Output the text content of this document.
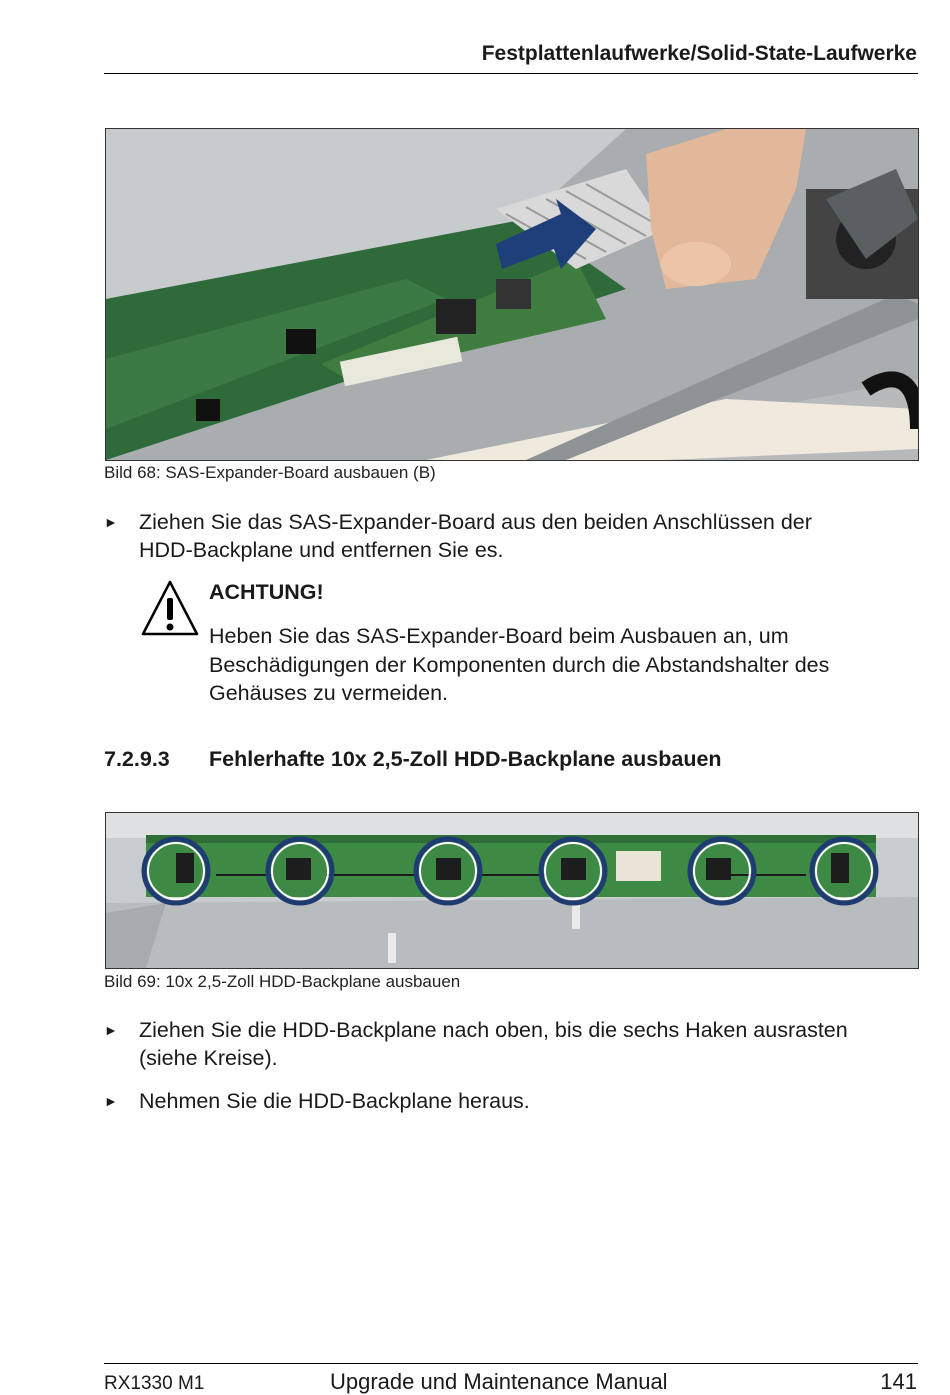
Festplattenlaufwerke/Solid-State-Laufwerke
Bild 68: SAS-Expander-Board ausbauen (B)
► Ziehen Sie das SAS-Expander-Board aus den beiden Anschlüssen der
HDD-Backplane und entfernen Sie es.
ACHTUNG!
Heben Sie das SAS-Expander-Board beim Ausbauen an, um
Beschädigungen der Komponenten durch die Abstandshalter des
Gehäuses zu vermeiden.
7.2.9.3 Fehlerhafte 10x 2,5-Zoll HDD-Backplane ausbauen
Bild 69: 10x 2,5-Zoll HDD-Backplane ausbauen
► Ziehen Sie die HDD-Backplane nach oben, bis die sechs Haken ausrasten
(siehe Kreise).
► Nehmen Sie die HDD-Backplane heraus.
RX1330 M1	Upgrade und Maintenance Manual	141
